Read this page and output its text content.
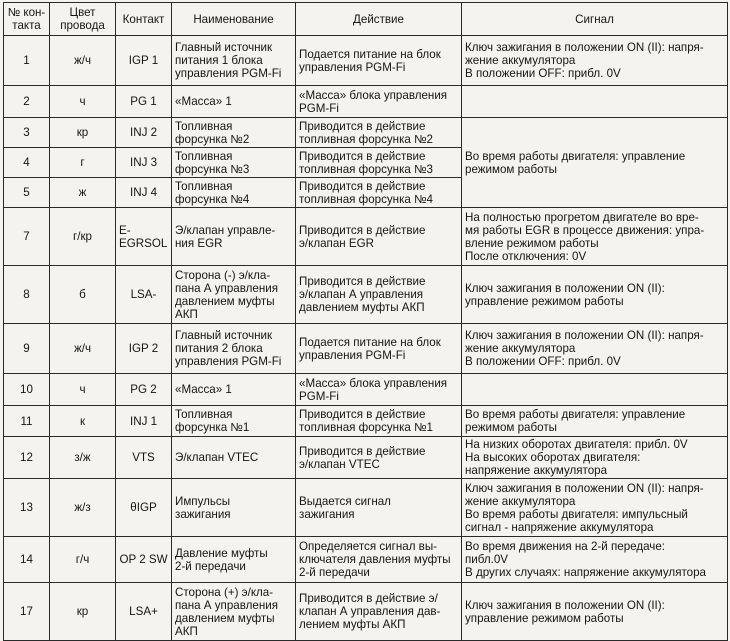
№ кон-
такта	Цвет
провода	Контакт	Наименование	Действие	Сигнал

1	ж/ч	IGP 1	Главный источник
питания 1 блока
управления PGM-Fi	Подается питание на блок
управления PGM-Fi	Ключ зажигания в положении ON (II): напря-
жение аккумулятора
В положении OFF: прибл. 0V

2	ч	PG 1	«Масса» 1	«Масса» блока управления
PGM-Fi	

3	кр	INJ 2	Топливная
форсунка №2	Приводится в действие
топливная форсунка №2	Во время работы двигателя: управление
режимом работы

4	г	INJ 3	Топливная
форсунка №3	Приводится в действие
топливная форсунка №3	

5	ж	INJ 4	Топливная
форсунка №4	Приводится в действие
топливная форсунка №4	

7	г/кр	E-
EGRSOL	Э/клапан управле-
ния EGR	Приводится в действие
э/клапан EGR	На полностью прогретом двигателе во вре-
мя работы EGR в процессе движения: упра-
вление режимом работы
После отключения: 0V

8	б	LSA-	Сторона (-) э/кла-
пана А управления
давлением муфты
АКП	Приводится в действие
э/клапан А управления
давлением муфты АКП	Ключ зажигания в положении ON (II):
управление режимом работы

9	ж/ч	IGP 2	Главный источник
питания 2 блока
управления PGM-Fi	Подается питание на блок
управления PGM-Fi	Ключ зажигания в положении ON (II): напря-
жение аккумулятора
В положении OFF: прибл. 0V

10	ч	PG 2	«Масса» 1	«Масса» блока управления
PGM-Fi	

11	к	INJ 1	Топливная
форсунка №1	Приводится в действие
топливная форсунка №1	Во время работы двигателя: управление
режимом работы

12	з/ж	VTS	Э/клапан VTEC	Приводится в действие
э/клапан VTEC	На низких оборотах двигателя: прибл. 0V
На высоких оборотах двигателя:
напряжение аккумулятора

13	ж/з	θIGP	Импульсы
зажигания	Выдается сигнал
зажигания	Ключ зажигания в положении ON (II): напря-
жение аккумулятора
Во время работы двигателя: импульсный
сигнал - напряжение аккумулятора

14	г/ч	OP 2 SW	Давление муфты
2-й передачи	Определяется сигнал вы-
ключателя давления муфты
2-й передачи	Во время движения на 2-й передаче:
пибл.0V
В других случаях: напряжение аккумулятора

17	кр	LSA+	Сторона (+) э/кла-
пана А управления
давлением муфты
АКП	Приводится в действие э/
клапан А управления дав-
лением муфты АКП	Ключ зажигания в положении ON (II):
управление режимом работы
